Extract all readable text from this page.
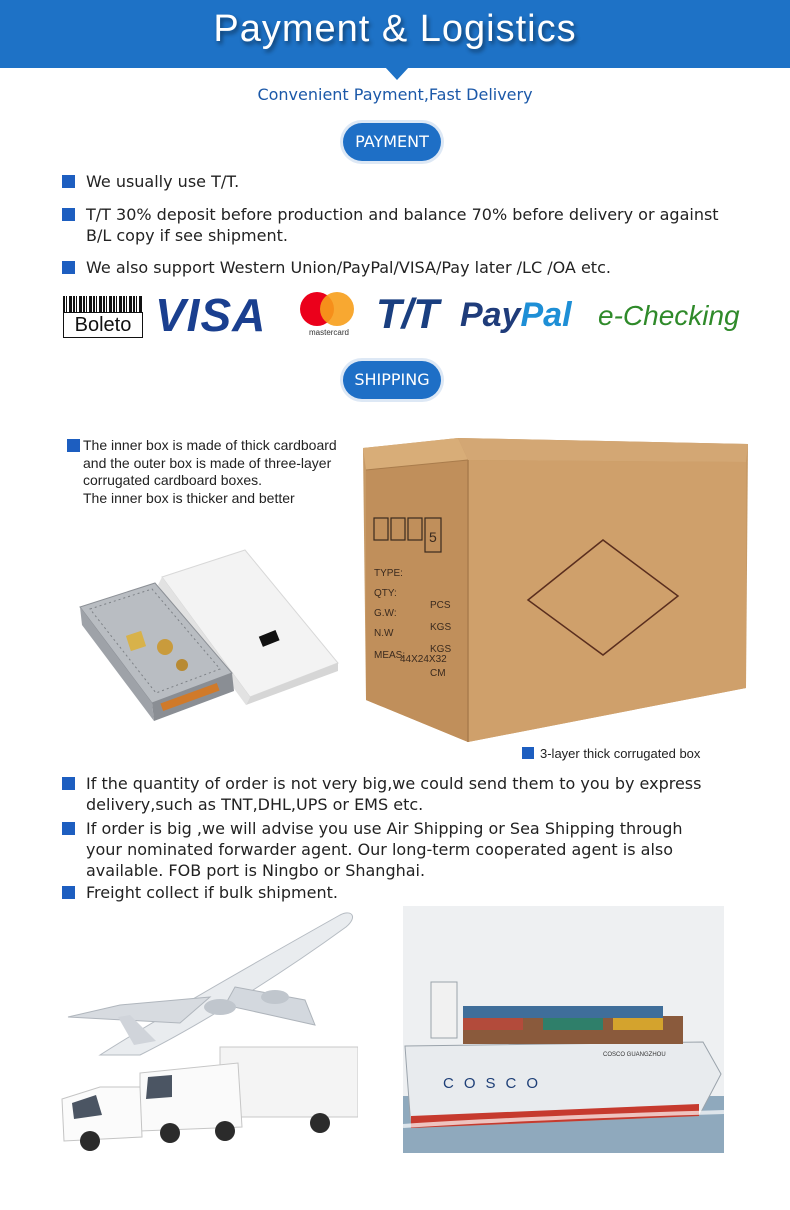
Payment & Logistics
Convenient Payment,Fast Delivery
PAYMENT
We usually use T/T.
T/T 30% deposit before production and balance 70% before delivery or against B/L copy if see shipment.
We also support Western Union/PayPal/VISA/Pay later /LC /OA etc.
Boleto VISA	mastercard T/T PayPal e-Checking
SHIPPING
The inner box is made of thick cardboard
and the outer box is made of three-layer
corrugated cardboard boxes.
The inner box is thicker and better
5
TYPE:
QTY:
G.W:
N.W
MEAS:
44X24X32
PCS
KGS
KGS
CM
3-layer thick corrugated box
If the quantity of order is not very big,we could send them to you by express delivery,such as TNT,DHL,UPS or EMS etc.
If order is big ,we will advise you use Air Shipping or Sea Shipping through your nominated forwarder agent. Our long-term cooperated agent is also available. FOB port is Ningbo or Shanghai.
Freight collect if bulk shipment.
COSCO
COSCO GUANGZHOU
